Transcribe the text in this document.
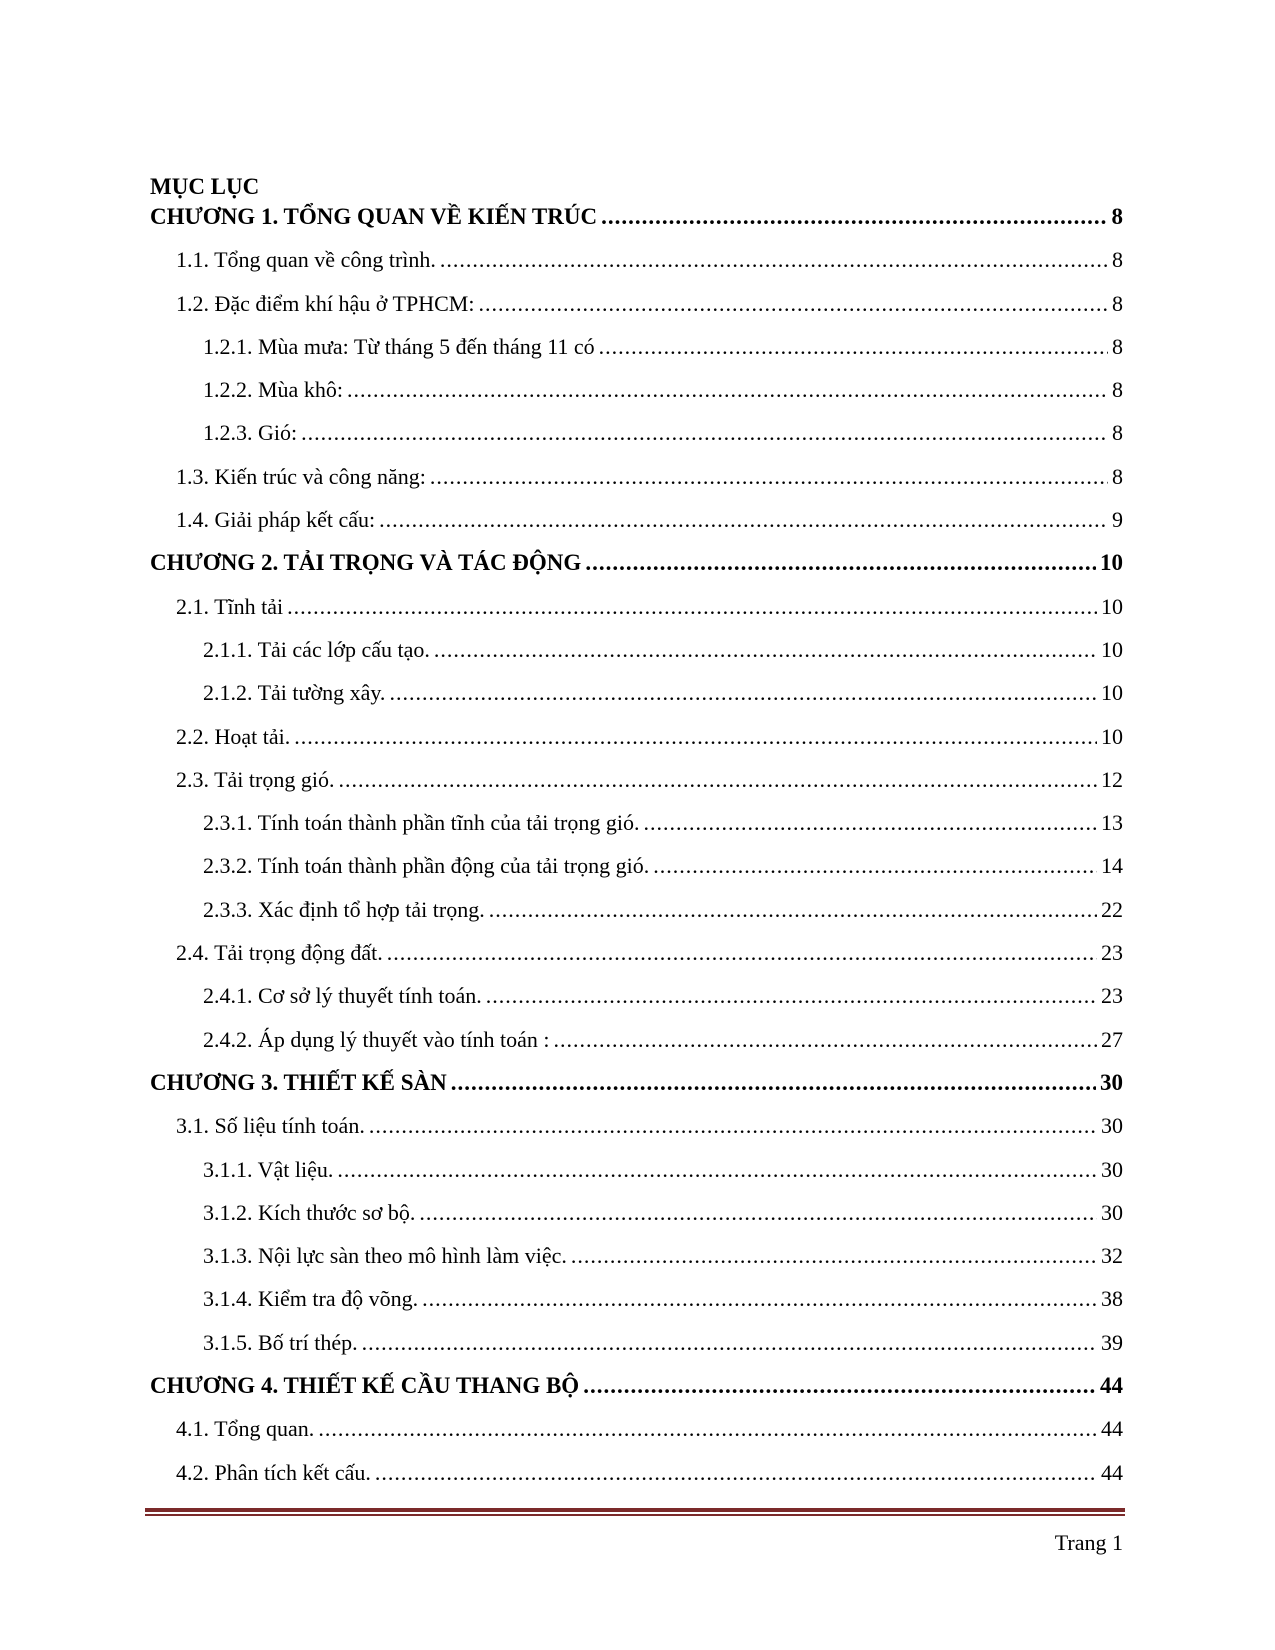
MỤC LỤC
CHƯƠNG 1. TỔNG QUAN VỀ KIẾN TRÚC .....	8
1.1. Tổng quan về công trình. .....	8
1.2. Đặc điểm khí hậu ở TPHCM: .....	8
1.2.1. Mùa mưa: Từ tháng 5 đến tháng 11 có .....	8
1.2.2. Mùa khô: .....	8
1.2.3. Gió: .....	8
1.3. Kiến trúc và công năng: .....	8
1.4. Giải pháp kết cấu: .....	9
CHƯƠNG 2. TẢI TRỌNG VÀ TÁC ĐỘNG .....	10
2.1. Tĩnh tải .....	10
2.1.1. Tải các lớp cấu tạo. .....	10
2.1.2. Tải tường xây. .....	10
2.2. Hoạt tải. .....	10
2.3. Tải trọng gió. .....	12
2.3.1. Tính toán thành phần tĩnh của tải trọng gió. .....	13
2.3.2. Tính toán thành phần động của tải trọng gió. .....	14
2.3.3. Xác định tổ hợp tải trọng. .....	22
2.4. Tải trọng động đất. .....	23
2.4.1. Cơ sở lý thuyết tính toán. .....	23
2.4.2. Áp dụng lý thuyết vào tính toán : .....	27
CHƯƠNG 3. THIẾT KẾ SÀN .....	30
3.1. Số liệu tính toán. .....	30
3.1.1. Vật liệu. .....	30
3.1.2. Kích thước sơ bộ. .....	30
3.1.3. Nội lực sàn theo mô hình làm việc. .....	32
3.1.4. Kiểm tra độ võng. .....	38
3.1.5. Bố trí thép. .....	39
CHƯƠNG 4. THIẾT KẾ CẦU THANG BỘ .....	44
4.1. Tổng quan. .....	44
4.2. Phân tích kết cấu. .....	44
Trang 1
